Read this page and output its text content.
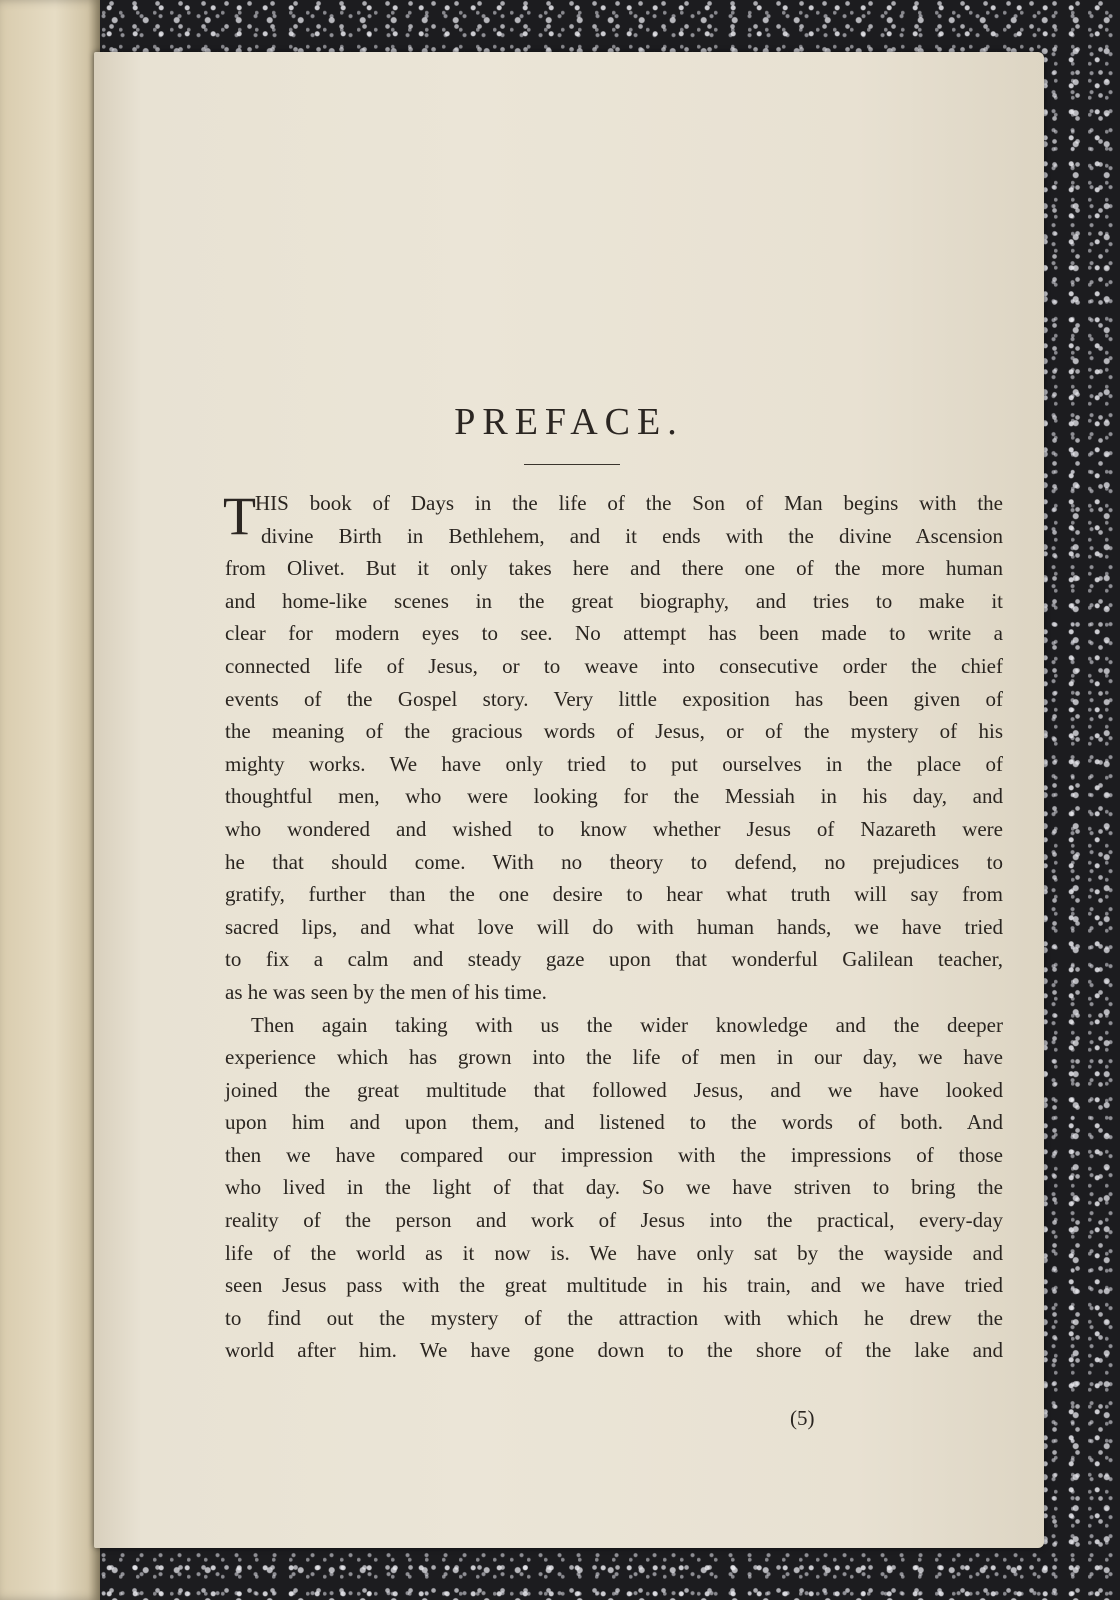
PREFACE.
T HIS book of Days in the life of the Son of Man begins with the
divine Birth in Bethlehem, and it ends with the divine Ascension
from Olivet. But it only takes here and there one of the more human
and home-like scenes in the great biography, and tries to make it
clear for modern eyes to see. No attempt has been made to write a
connected life of Jesus, or to weave into consecutive order the chief
events of the Gospel story. Very little exposition has been given of
the meaning of the gracious words of Jesus, or of the mystery of his
mighty works. We have only tried to put ourselves in the place of
thoughtful men, who were looking for the Messiah in his day, and
who wondered and wished to know whether Jesus of Nazareth were
he that should come. With no theory to defend, no prejudices to
gratify, further than the one desire to hear what truth will say from
sacred lips, and what love will do with human hands, we have tried
to fix a calm and steady gaze upon that wonderful Galilean teacher,
as he was seen by the men of his time.
Then again taking with us the wider knowledge and the deeper
experience which has grown into the life of men in our day, we have
joined the great multitude that followed Jesus, and we have looked
upon him and upon them, and listened to the words of both. And
then we have compared our impression with the impressions of those
who lived in the light of that day. So we have striven to bring the
reality of the person and work of Jesus into the practical, every-day
life of the world as it now is. We have only sat by the wayside and
seen Jesus pass with the great multitude in his train, and we have tried
to find out the mystery of the attraction with which he drew the
world after him. We have gone down to the shore of the lake and

(5)
